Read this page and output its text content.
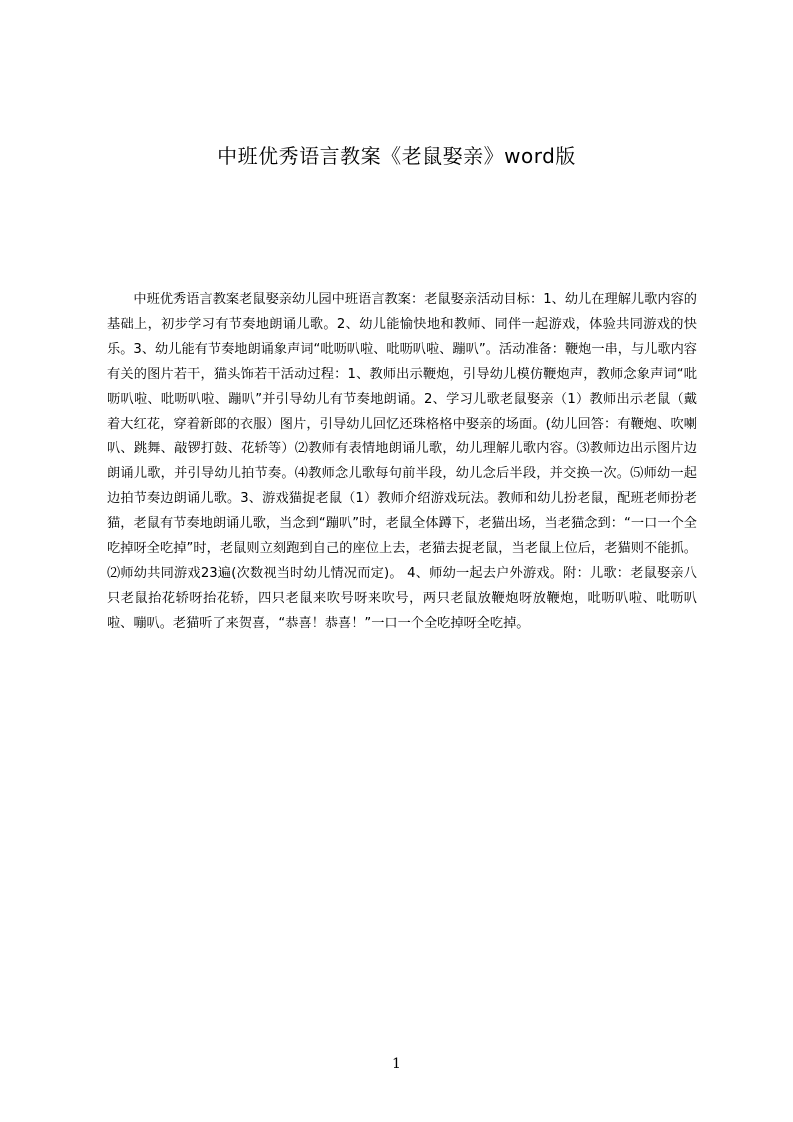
中班优秀语言教案《老鼠娶亲》word版

中班优秀语言教案老鼠娶亲幼儿园中班语言教案：老鼠娶亲活动目标：1、幼儿在理解儿歌内容的基础上，初步学习有节奏地朗诵儿歌。2、幼儿能愉快地和教师、同伴一起游戏，体验共同游戏的快乐。3、幼儿能有节奏地朗诵象声词“吡呖叭啦、吡呖叭啦、蹦叭”。活动准备：鞭炮一串，与儿歌内容有关的图片若干，猫头饰若干活动过程：1、教师出示鞭炮，引导幼儿模仿鞭炮声，教师念象声词“吡呖叭啦、吡呖叭啦、蹦叭”并引导幼儿有节奏地朗诵。2、学习儿歌老鼠娶亲（1）教师出示老鼠（戴着大红花，穿着新郎的衣服）图片，引导幼儿回忆还珠格格中娶亲的场面。(幼儿回答：有鞭炮、吹喇叭、跳舞、敲锣打鼓、花轿等）⑵教师有表情地朗诵儿歌，幼儿理解儿歌内容。⑶教师边出示图片边朗诵儿歌，并引导幼儿拍节奏。⑷教师念儿歌每句前半段，幼儿念后半段，并交换一次。⑸师幼一起边拍节奏边朗诵儿歌。3、游戏猫捉老鼠（1）教师介绍游戏玩法。教师和幼儿扮老鼠，配班老师扮老猫，老鼠有节奏地朗诵儿歌，当念到“蹦叭”时，老鼠全体蹲下，老猫出场，当老猫念到：“一口一个全吃掉呀全吃掉”时，老鼠则立刻跑到自己的座位上去，老猫去捉老鼠，当老鼠上位后，老猫则不能抓。⑵师幼共同游戏23遍(次数视当时幼儿情况而定)。 4、师幼一起去户外游戏。附：儿歌：老鼠娶亲八只老鼠抬花轿呀抬花轿，四只老鼠来吹号呀来吹号，两只老鼠放鞭炮呀放鞭炮，吡呖叭啦、吡呖叭啦、嘣叭。老猫听了来贺喜，“恭喜！恭喜！”一口一个全吃掉呀全吃掉。

1
